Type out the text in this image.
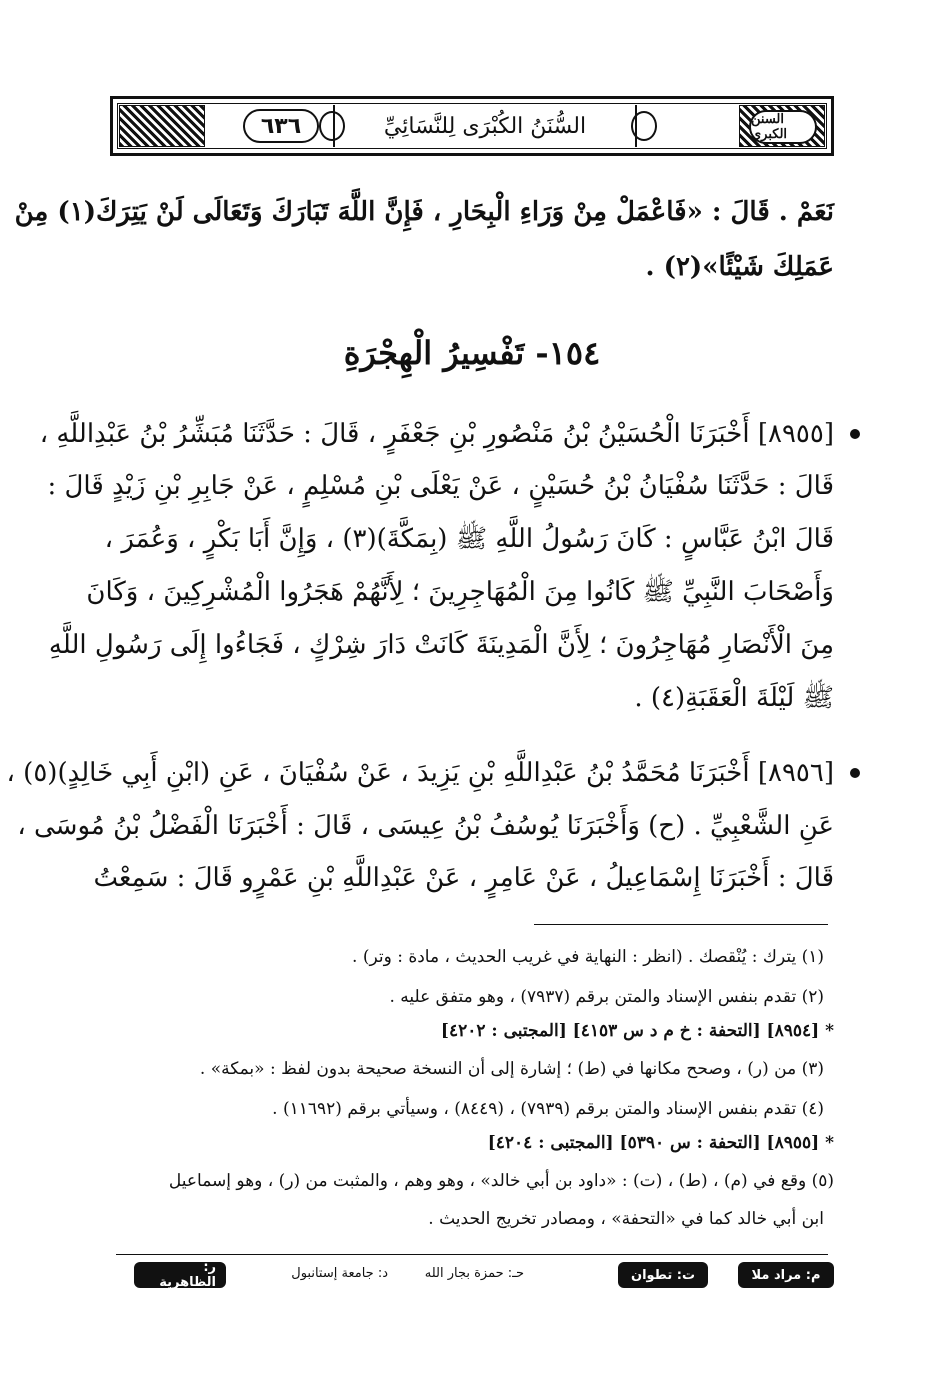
السنن الكبرى
٦٣٦	السُّنَنُ الكُبْرَى لِلنَّسَائِيِّ
نَعَمْ . قَالَ : «فَاعْمَلْ مِنْ وَرَاءِ الْبِحَارِ ، فَإِنَّ اللَّهَ تَبَارَكَ وَتَعَالَى لَنْ يَتِرَكَ(١) مِنْ
عَمَلِكَ شَيْئًا»(٢) .
١٥٤- تَفْسِيرُ الْهِجْرَةِ
[٨٩٥٥] أَخْبَرَنَا الْحُسَيْنُ بْنُ مَنْصُورِ بْنِ جَعْفَرٍ ، قَالَ : حَدَّثَنَا مُبَشِّرُ بْنُ عَبْدِاللَّهِ ،
قَالَ : حَدَّثَنَا سُفْيَانُ بْنُ حُسَيْنٍ ، عَنْ يَعْلَى بْنِ مُسْلِمٍ ، عَنْ جَابِرِ بْنِ زَيْدٍ قَالَ :
قَالَ ابْنُ عَبَّاسٍ : كَانَ رَسُولُ اللَّهِ ﷺ (بِمَكَّةَ)(٣) ، وَإِنَّ أَبَا بَكْرٍ ، وَعُمَرَ ،
وَأَصْحَابَ النَّبِيِّ ﷺ كَانُوا مِنَ الْمُهَاجِرِينَ ؛ لِأَنَّهُمْ هَجَرُوا الْمُشْرِكِينَ ، وَكَانَ
مِنَ الْأَنْصَارِ مُهَاجِرُونَ ؛ لِأَنَّ الْمَدِينَةَ كَانَتْ دَارَ شِرْكٍ ، فَجَاءُوا إِلَى رَسُولِ اللَّهِ
ﷺ لَيْلَةَ الْعَقَبَةِ(٤) .
[٨٩٥٦] أَخْبَرَنَا مُحَمَّدُ بْنُ عَبْدِاللَّهِ بْنِ يَزِيدَ ، عَنْ سُفْيَانَ ، عَنِ (ابْنِ أَبِي خَالِدٍ)(٥) ،
عَنِ الشَّعْبِيِّ . (ح) وَأَخْبَرَنَا يُوسُفُ بْنُ عِيسَى ، قَالَ : أَخْبَرَنَا الْفَضْلُ بْنُ مُوسَى ،
قَالَ : أَخْبَرَنَا إِسْمَاعِيلُ ، عَنْ عَامِرٍ ، عَنْ عَبْدِاللَّهِ بْنِ عَمْرٍو قَالَ : سَمِعْتُ
(١) يترك : يُنْقصك . (انظر : النهاية في غريب الحديث ، مادة : وتر) .
(٢) تقدم بنفس الإسناد والمتن برقم (٧٩٣٧) ، وهو متفق عليه .
* [٨٩٥٤] [التحفة : خ م د س ٤١٥٣] [المجتبى : ٤٢٠٢]
(٣) من (ر) ، وصحح مكانها في (ط) ؛ إشارة إلى أن النسخة صحيحة بدون لفظ : «بمكة» .
(٤) تقدم بنفس الإسناد والمتن برقم (٧٩٣٩) ، (٨٤٤٩) ، وسيأتي برقم (١١٦٩٢) .
* [٨٩٥٥] [التحفة : س ٥٣٩٠] [المجتبى : ٤٢٠٤]
(٥) وقع في (م) ، (ط) ، (ت) : «داود بن أبي خالد» ، وهو وهم ، والمثبت من (ر) ، وهو إسماعيل
ابن أبي خالد كما في «التحفة» ، ومصادر تخريج الحديث .
م: مراد ملا
ت: تطوان
حـ: حمزة بجار الله
د: جامعة إستانبول
ر: الظاهرية
